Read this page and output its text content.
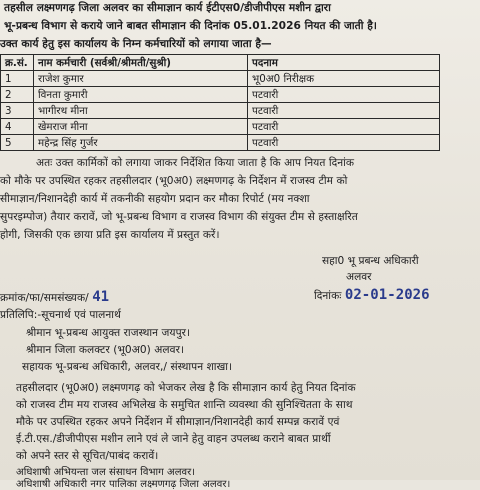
तहसील लक्ष्मणगढ़ जिला अलवर का सीमाज्ञान कार्य ईटीएस0/डीजीपीएस मशीन द्वारा
भू-प्रबन्ध विभाग से कराये जाने बाबत सीमाज्ञान की दिनांक 05.01.2026 नियत की जाती है।
उक्त कार्य हेतु इस कार्यालय के निम्न कर्मचारियों को लगाया जाता है—
क्र.सं.	नाम कर्मचारी (सर्वश्री/श्रीमती/सुश्री)	पदनाम
1	राजेश कुमार	भू0अ0 निरीक्षक
2	विनता कुमारी	पटवारी
3	भागीरथ मीना	पटवारी
4	खेमराज मीना	पटवारी
5	महेन्द्र सिंह गुर्जर	पटवारी
अतः उक्त कार्मिकों को लगाया जाकर निर्देशित किया जाता है कि आप नियत दिनांक
को मौके पर उपस्थित रहकर तहसीलदार (भू0अ0) लक्ष्मणगढ़ के निर्देशन में राजस्व टीम को
सीमाज्ञान/निशानदेही कार्य में तकनीकी सहयोग प्रदान कर मौका रिपोर्ट (मय नक्शा
सुपरइम्पोज) तैयार करावें, जो भू-प्रबन्ध विभाग व राजस्व विभाग की संयुक्त टीम से हस्ताक्षरित
होगी, जिसकी एक छाया प्रति इस कार्यालय में प्रस्तुत करें।
सहा0 भू प्रबन्ध अधिकारी
अलवर
क्रमांक/फा/समसंख्यक/ 41	दिनांकः 02-01-2026
प्रतिलिपि:-सूचनार्थ एवं पालनार्थ
श्रीमान भू-प्रबन्ध आयुक्त राजस्थान जयपुर।
श्रीमान जिला कलक्टर (भू0अ0) अलवर।
सहायक भू-प्रबन्ध अधिकारी, अलवर,/ संस्थापन शाखा।
तहसीलदार (भू0अ0) लक्ष्मणगढ़ को भेजकर लेख है कि सीमाज्ञान कार्य हेतु नियत दिनांक
को राजस्व टीम मय राजस्व अभिलेख के समुचित शान्ति व्यवस्था की सुनिश्चितता के साथ
मौके पर उपस्थित रहकर अपने निर्देशन में सीमाज्ञान/निशानदेही कार्य सम्पन्न करावें एवं
ई.टी.एस./डीजीपीएस मशीन लाने एवं ले जाने हेतु वाहन उपलब्ध कराने बाबत प्रार्थी
को अपने स्तर से सूचित/पाबंद करावें।
अधिशाषी अभियन्ता जल संसाधन विभाग अलवर।
अधिशाषी अधिकारी नगर पालिका लक्ष्मणगढ़ जिला अलवर।
